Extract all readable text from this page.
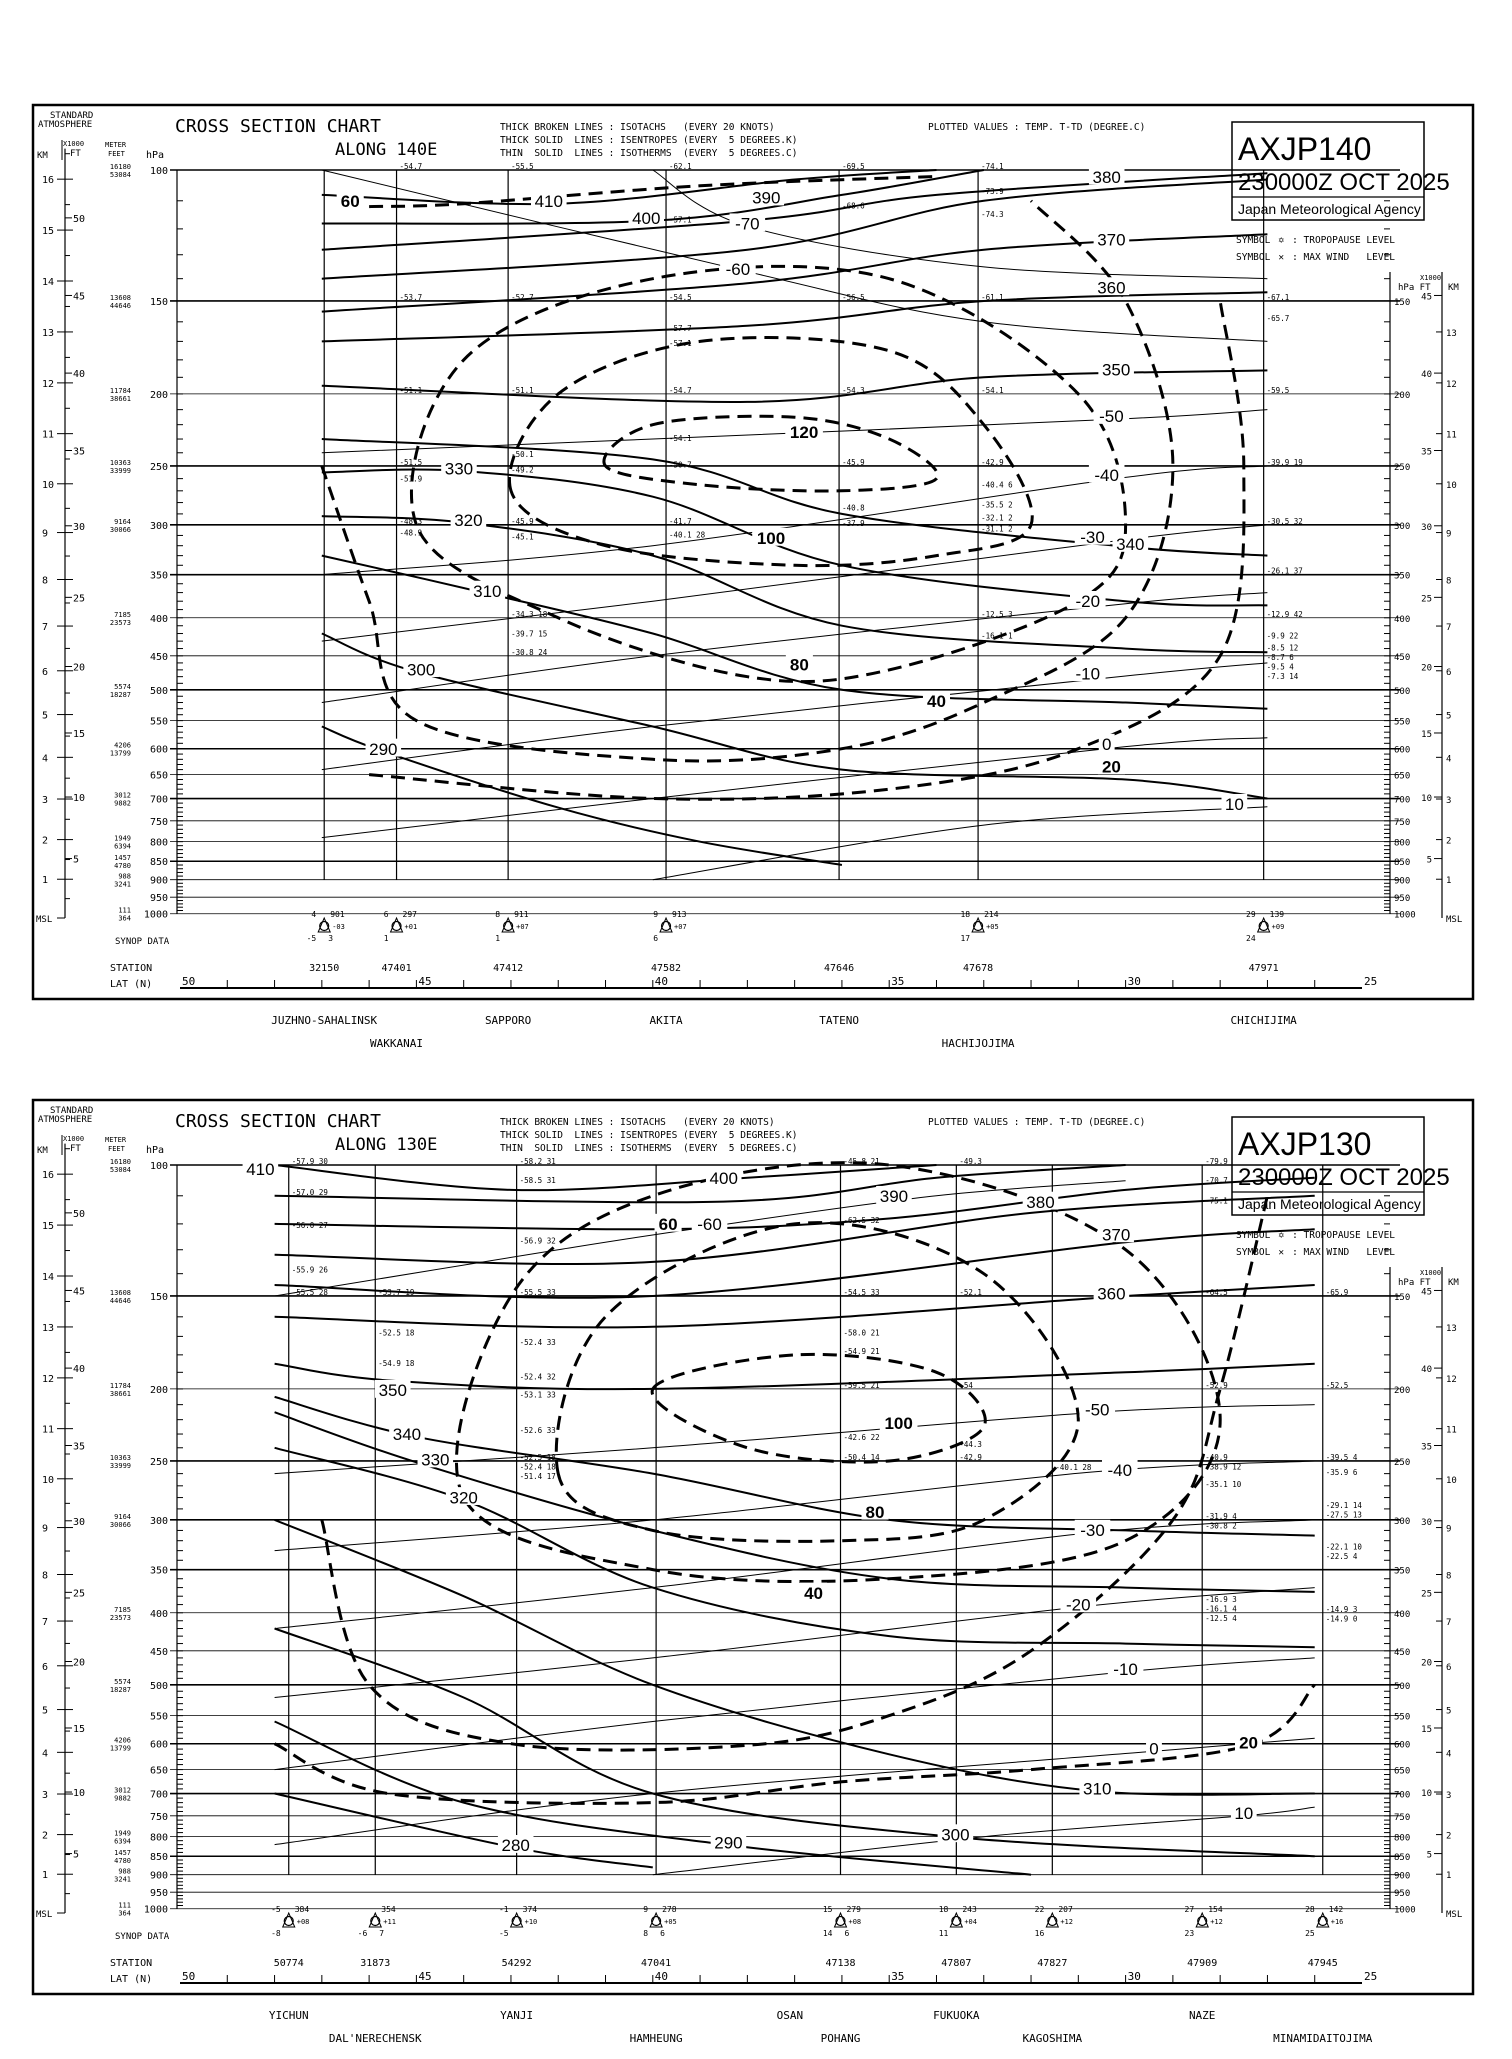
CROSS SECTION CHART
ALONG 140E
THICK BROKEN LINES : ISOTACHS   (EVERY 20 KNOTS)
THICK SOLID  LINES : ISENTROPES (EVERY  5 DEGREES.K)
THIN  SOLID  LINES : ISOTHERMS  (EVERY  5 DEGREES.C)
PLOTTED VALUES : TEMP. T-TD (DEGREE.C)
AXJP140
230000Z OCT 2025
Japan Meteorological Agency
SYMBOL ✡ : TROPOPAUSE LEVEL
SYMBOL ✕ : MAX WIND   LEVEL
STANDARD
ATMOSPHERE
KM
X1000
FT
METER
FEET hPa
1
2
3
4
5
6
7
8
9
10
11
12
13
14
15
16
MSL
5
10
15
20
25
30
35
40
45
50
16180
53084
13608
44646
11784
38661
10363
33999
9164
30066
7185
23573
5574
18287
4206
13799
3012
9882
1949
6394
1457
4780
988
3241
111
364
X1000
hPa FT KM
100
150	150
200	200
250	250
300	300
350	350
400	400
450	450
500	500
550	550
600	600
650	650
700	700
750	750
800	800
850	850
900	900
950	950
1000	1000
1
2
3
4
5
6
7
8
9
10
11
12
13
MSL
5
10
15
20
25
30
35
40
45
32150
4 901
-03
-5 3
47401
6 297
+01
1
47412
8 911
+07
1
47582
9 913
+07
6
47646	47678
18 214
+05
17
47971
29 139
+09
24
SYNOP DATA
STATION
LAT (N)	50	45	40	35	30	25
JUZHNO-SAHALINSK	SAPPORO	AKITA	TATENO	CHICHIJIMA
WAKKANAI	HACHIJOJIMA
-54.7
-53.7
-51.1
-51.5
-51.9
-48.3
-48.9
-55.5
-52.7
-51.1
-50.1
-49.2
-45.9
-45.1
-34.3 18
-39.7 15
-30.8 24
-62.1
-57.1
-54.5
-57.7
-57.1
-54.7
-54.1
-50.7
-41.7
-40.1 28
-69.5
-68.6
-56.5
-54.3
-45.9
-40.8
-37.9
-74.1
-73.9
-74.3
-61.1
-54.1
-42.9
-40.4 6
-35.5 2
-32.1 2
-31.1 2
-12.5 3
-16.1 1
-67.1
-65.7
-59.5
-39.9 19
-30.5 32
-26.1 37
-12.9 42
-9.9 22
-8.5 12
-8.7 6
-9.5 4
-7.3 14
-70
-60
-50
-40
-30
-20
-10
0
10
410
400
390
380
370
360
350
340
330
320
310
300
290
120
100
80
60
40
20
CROSS SECTION CHART
ALONG 130E
THICK BROKEN LINES : ISOTACHS   (EVERY 20 KNOTS)
THICK SOLID  LINES : ISENTROPES (EVERY  5 DEGREES.K)
THIN  SOLID  LINES : ISOTHERMS  (EVERY  5 DEGREES.C)
PLOTTED VALUES : TEMP. T-TD (DEGREE.C)
AXJP130
230000Z OCT 2025
Japan Meteorological Agency
SYMBOL ✡ : TROPOPAUSE LEVEL
SYMBOL ✕ : MAX WIND   LEVEL
STANDARD
ATMOSPHERE
KM
X1000
FT
METER
FEET hPa
1
2
3
4
5
6
7
8
9
10
11
12
13
14
15
16
MSL
5
10
15
20
25
30
35
40
45
50
16180
53084
13608
44646
11784
38661
10363
33999
9164
30066
7185
23573
5574
18287
4206
13799
3012
9882
1949
6394
1457
4780
988
3241
111
364
X1000
hPa FT KM
100
150	150
200	200
250	250
300	300
350	350
400	400
450	450
500	500
550	550
600	600
650	650
700	700
750	750
800	800
850	850
900	900
950	950
1000	1000
1
2
3
4
5
6
7
8
9
10
11
12
13
MSL
5
10
15
20
25
30
35
40
45
50774
-5 384
+08
-8
31873
354
+11
-6 7
54292
-1 374
+10
-5
47041
9 278
+05
8 6
47138
15 279
+08
14 6
47807
18 243
+04
11
47827
22 207
+12
16
47909
27 154
+12
23
47945
28 142
+16
25
SYNOP DATA
STATION
LAT (N)	50	45	40	35	30	25
YICHUN	YANJI	OSAN	FUKUOKA	NAZE
DAL'NERECHENSK	HAMHEUNG	POHANG	KAGOSHIMA	MINAMIDAITOJIMA
-57.9 30
-57.0 29
-56.0 27
-55.9 26
-55.5 28	-53.7 19
-52.5 18
-54.9 18
-58.2 31
-58.5 31
-56.9 32
-55.5 33
-52.4 33
-52.4 32
-53.1 33
-52.6 33
-52.5 18
-52.4 18
-51.4 17
-45.8 21
-62.5 32
-54.5 33
-58.0 21
-54.9 21
-59.5 21
-42.6 22
-50.4 14
-49.3
-52.1
-54
-44.3
-42.9
-40.1 28
-79.9
-70.7
-75.1
-64.5
-52.9
-40.9
-38.9 12
-35.1 10
-31.9 4
-30.8 2
-16.9 3
-16.1 4
-12.5 4
-65.9
-52.5
-39.5 4
-35.9 6
-29.1 14
-27.5 13
-22.1 10
-22.5 4
-14.9 3
-14.9 0
-60
-50
-40
-30
-20
-10
0
10
410	400
390	380
370
360
350
340
330
320
310
300
290
280
100
80
60
40
20
